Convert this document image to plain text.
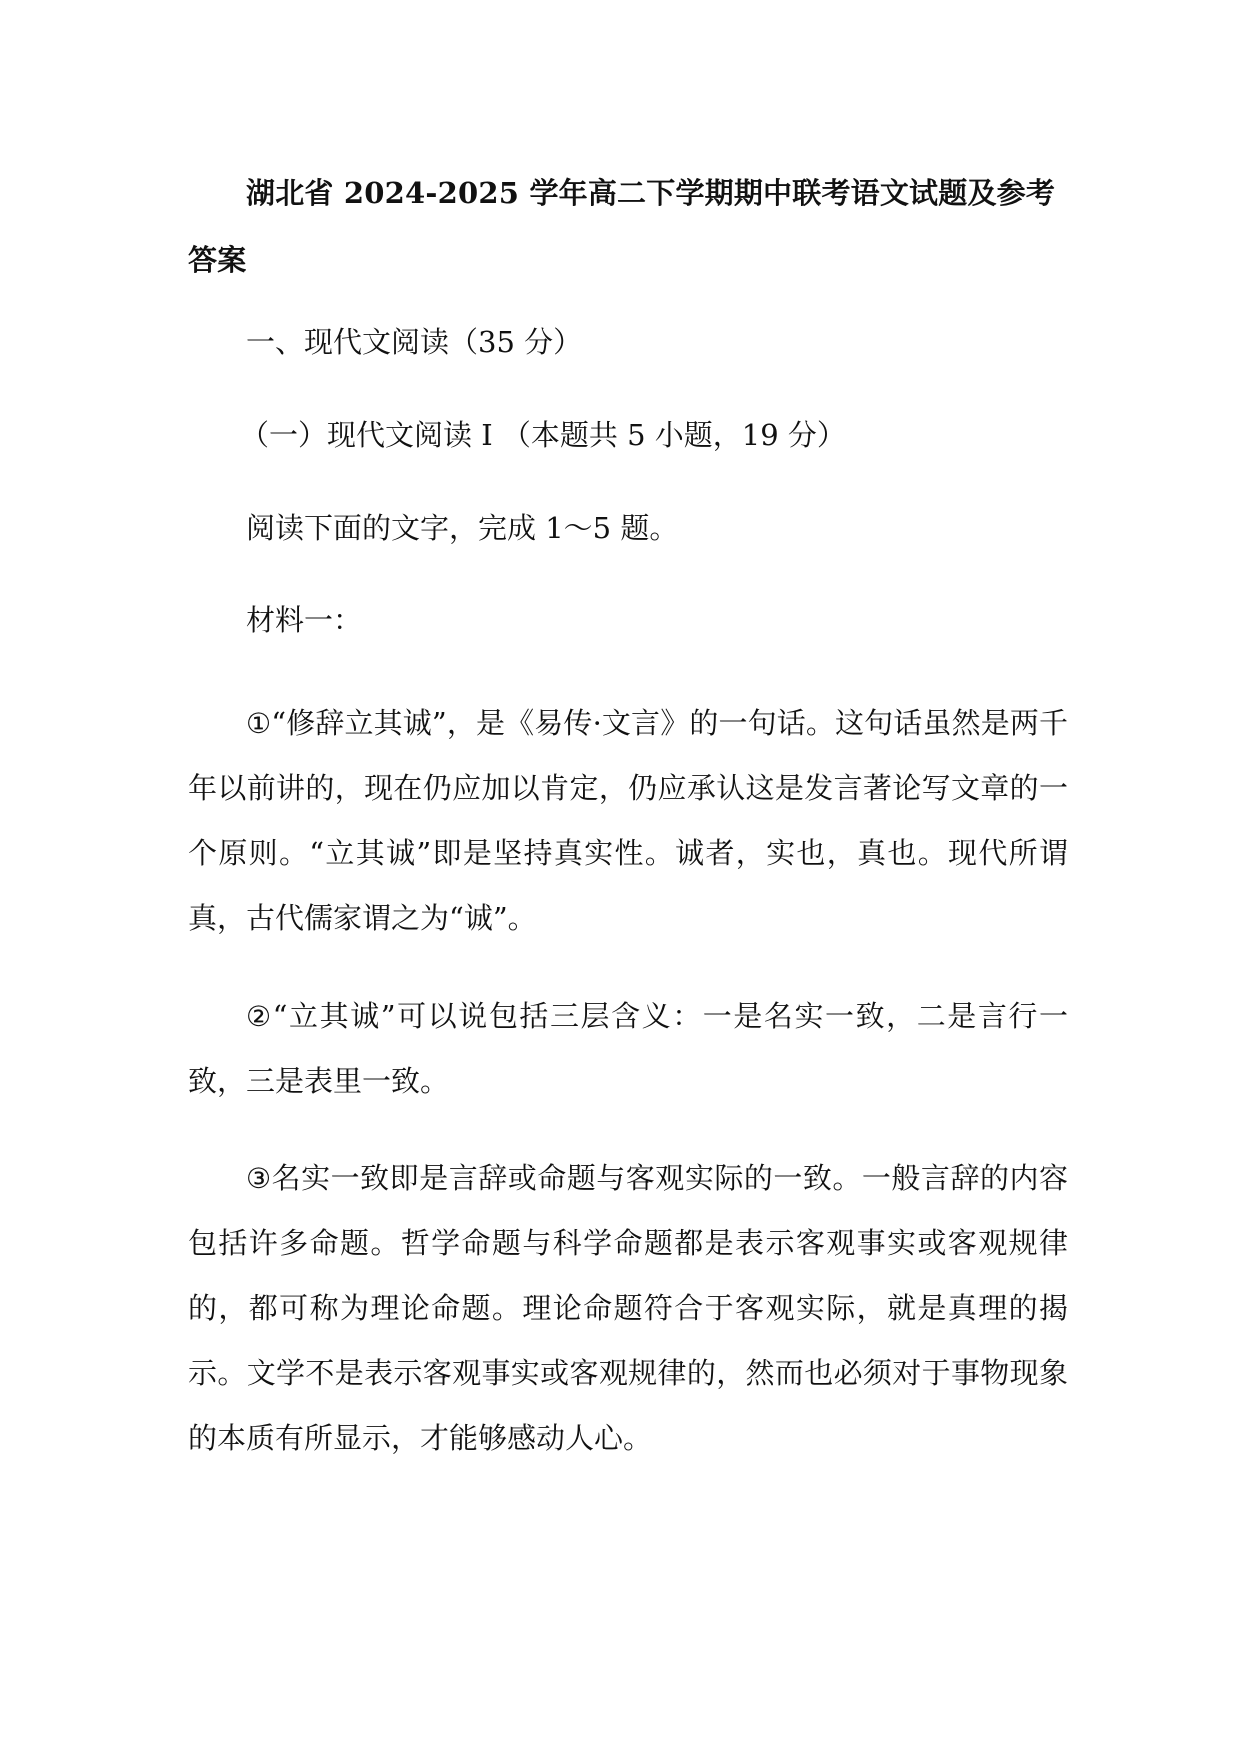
湖北省 2024-2025 学年高二下学期期中联考语文试题及参考答案

一、现代文阅读（35 分）

（一）现代文阅读 I （本题共 5 小题，19 分）

阅读下面的文字，完成 1～5 题。

材料一：

①“修辞立其诚”，是《易传·文言》的一句话。这句话虽然是两千年以前讲的，现在仍应加以肯定，仍应承认这是发言著论写文章的一个原则。“立其诚”即是坚持真实性。诚者，实也，真也。现代所谓真，古代儒家谓之为“诚”。

②“立其诚”可以说包括三层含义：一是名实一致，二是言行一致，三是表里一致。

③名实一致即是言辞或命题与客观实际的一致。一般言辞的内容包括许多命题。哲学命题与科学命题都是表示客观事实或客观规律的，都可称为理论命题。理论命题符合于客观实际，就是真理的揭示。文学不是表示客观事实或客观规律的，然而也必须对于事物现象的本质有所显示，才能够感动人心。
